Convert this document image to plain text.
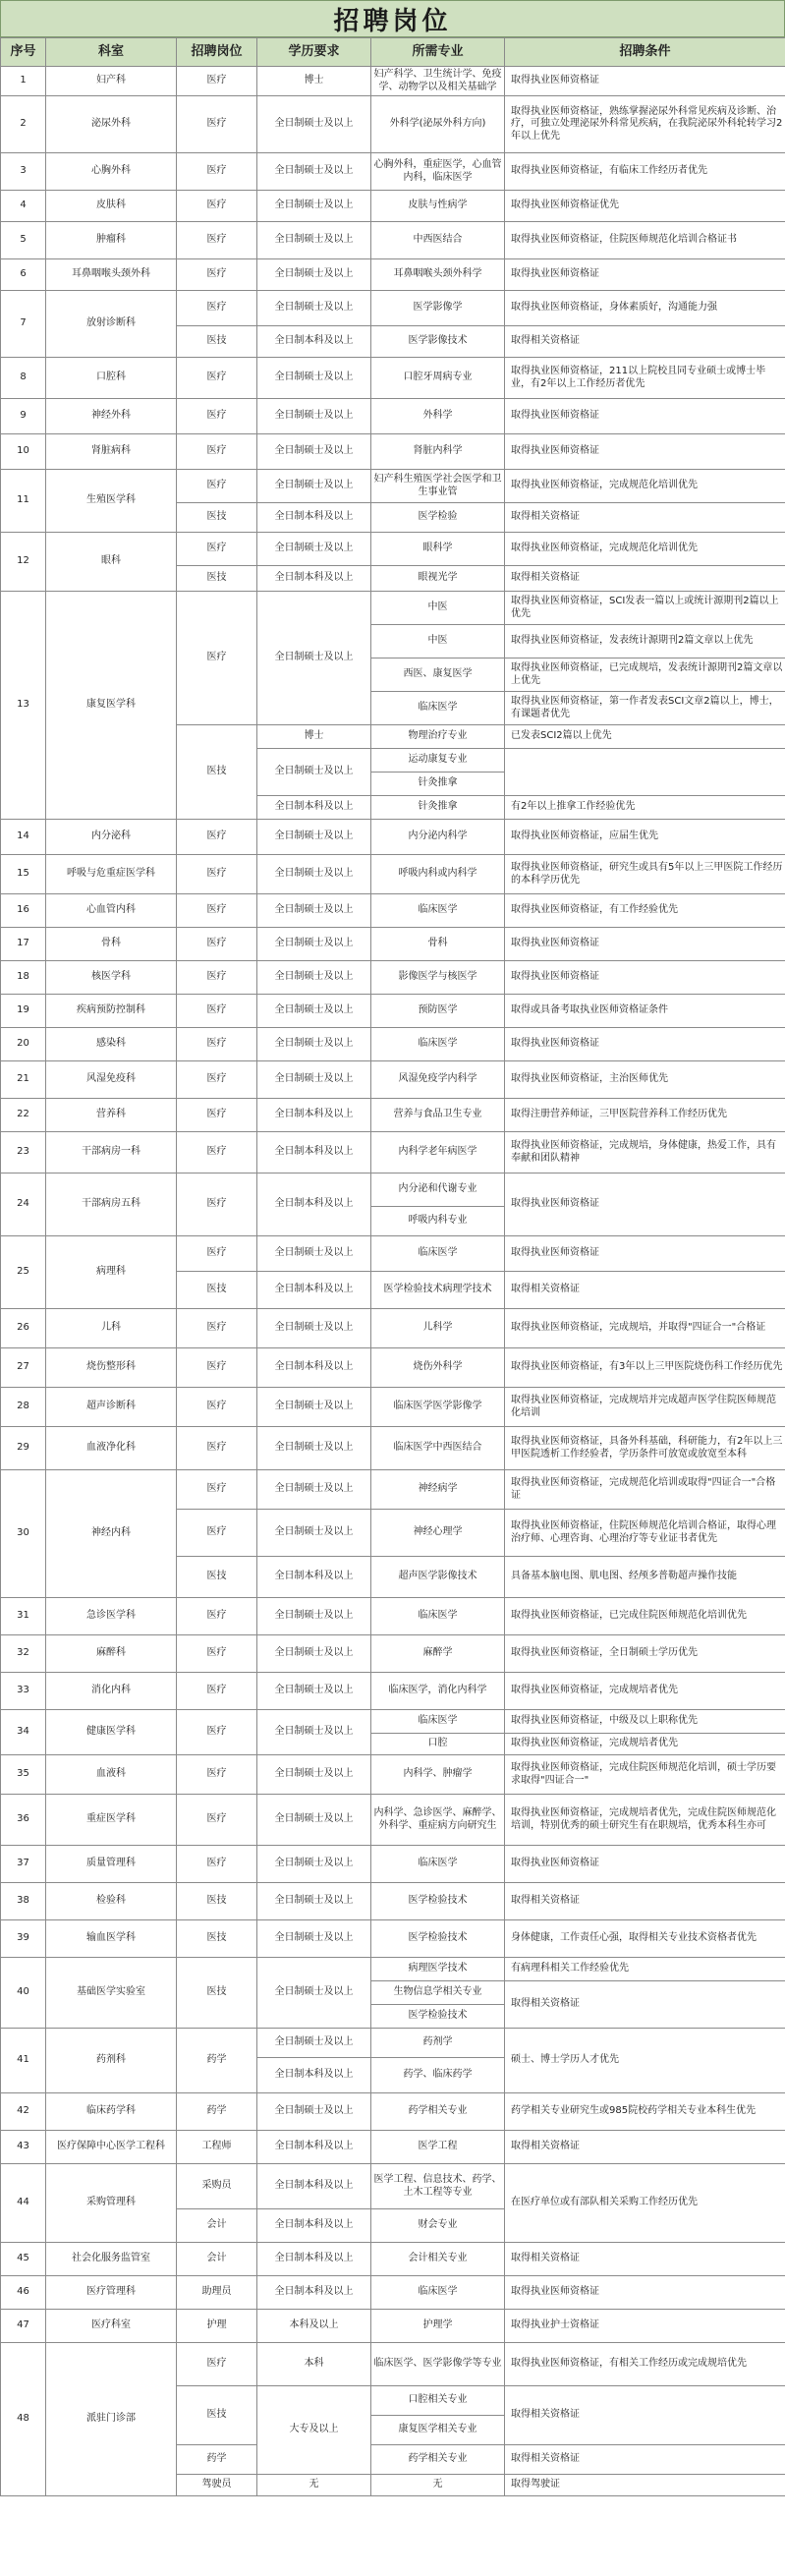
招聘岗位
序号	科室	招聘岗位	学历要求	所需专业	招聘条件	
1	妇产科	医疗	博士	妇产科学、卫生统计学、免疫学、动物学以及相关基础学	取得执业医师资格证	
2	泌尿外科	医疗	全日制硕士及以上	外科学(泌尿外科方向)	取得执业医师资格证，熟练掌握泌尿外科常见疾病及诊断、治疗，可独立处理泌尿外科常见疾病，在我院泌尿外科轮转学习2年以上优先	
3	心胸外科	医疗	全日制硕士及以上	心胸外科，重症医学，心血管内科，临床医学	取得执业医师资格证，有临床工作经历者优先	
4	皮肤科	医疗	全日制硕士及以上	皮肤与性病学	取得执业医师资格证优先	
5	肿瘤科	医疗	全日制硕士及以上	中西医结合	取得执业医师资格证，住院医师规范化培训合格证书	
6	耳鼻咽喉头颈外科	医疗	全日制硕士及以上	耳鼻咽喉头颈外科学	取得执业医师资格证	
7	放射诊断科	医疗	全日制硕士及以上	医学影像学	取得执业医师资格证，身体素质好，沟通能力强	
		医技	全日制本科及以上	医学影像技术	取得相关资格证	
8	口腔科	医疗	全日制硕士及以上	口腔牙周病专业	取得执业医师资格证，211以上院校且同专业硕士或博士毕业，有2年以上工作经历者优先	
9	神经外科	医疗	全日制硕士及以上	外科学	取得执业医师资格证	
10	肾脏病科	医疗	全日制硕士及以上	肾脏内科学	取得执业医师资格证	
11	生殖医学科	医疗	全日制硕士及以上	妇产科生殖医学社会医学和卫生事业管	取得执业医师资格证，完成规范化培训优先	
		医技	全日制本科及以上	医学检验	取得相关资格证	
12	眼科	医疗	全日制硕士及以上	眼科学	取得执业医师资格证，完成规范化培训优先	
		医技	全日制本科及以上	眼视光学	取得相关资格证	
13	康复医学科	医疗	全日制硕士及以上	中医	取得执业医师资格证，SCI发表一篇以上或统计源期刊2篇以上优先	
				中医	取得执业医师资格证，发表统计源期刊2篇文章以上优先	
				西医、康复医学	取得执业医师资格证，已完成规培，发表统计源期刊2篇文章以上优先	
				临床医学	取得执业医师资格证，第一作者发表SCI文章2篇以上，博士，有课题者优先	
		医技	博士	物理治疗专业	已发表SCI2篇以上优先	
			全日制硕士及以上	运动康复专业		
				针灸推拿		
			全日制本科及以上	针灸推拿	有2年以上推拿工作经验优先	
14	内分泌科	医疗	全日制硕士及以上	内分泌内科学	取得执业医师资格证，应届生优先	
15	呼吸与危重症医学科	医疗	全日制硕士及以上	呼吸内科或内科学	取得执业医师资格证，研究生或具有5年以上三甲医院工作经历的本科学历优先	
16	心血管内科	医疗	全日制硕士及以上	临床医学	取得执业医师资格证，有工作经验优先	
17	骨科	医疗	全日制硕士及以上	骨科	取得执业医师资格证	
18	核医学科	医疗	全日制硕士及以上	影像医学与核医学	取得执业医师资格证	
19	疾病预防控制科	医疗	全日制硕士及以上	预防医学	取得或具备考取执业医师资格证条件	
20	感染科	医疗	全日制硕士及以上	临床医学	取得执业医师资格证	
21	风湿免疫科	医疗	全日制硕士及以上	风湿免疫学内科学	取得执业医师资格证，主治医师优先	
22	营养科	医疗	全日制本科及以上	营养与食品卫生专业	取得注册营养师证，三甲医院营养科工作经历优先	
23	干部病房一科	医疗	全日制本科及以上	内科学老年病医学	取得执业医师资格证，完成规培，身体健康，热爱工作，具有奉献和团队精神	
24	干部病房五科	医疗	全日制本科及以上	内分泌和代谢专业	取得执业医师资格证	
				呼吸内科专业		
25	病理科	医疗	全日制硕士及以上	临床医学	取得执业医师资格证	
		医技	全日制本科及以上	医学检验技术病理学技术	取得相关资格证	
26	儿科	医疗	全日制硕士及以上	儿科学	取得执业医师资格证，完成规培，并取得"四证合一"合格证	
27	烧伤整形科	医疗	全日制本科及以上	烧伤外科学	取得执业医师资格证，有3年以上三甲医院烧伤科工作经历优先	
28	超声诊断科	医疗	全日制硕士及以上	临床医学医学影像学	取得执业医师资格证，完成规培并完成超声医学住院医师规范化培训	
29	血液净化科	医疗	全日制硕士及以上	临床医学中西医结合	取得执业医师资格证，具备外科基础，科研能力，有2年以上三甲医院透析工作经验者，学历条件可放宽或放宽至本科	
30	神经内科	医疗	全日制硕士及以上	神经病学	取得执业医师资格证，完成规范化培训或取得"四证合一"合格证	
		医疗	全日制硕士及以上	神经心理学	取得执业医师资格证，住院医师规范化培训合格证，取得心理治疗师、心理咨询、心理治疗等专业证书者优先	
		医技	全日制本科及以上	超声医学影像技术	具备基本脑电图、肌电图、经颅多普勒超声操作技能	
31	急诊医学科	医疗	全日制硕士及以上	临床医学	取得执业医师资格证，已完成住院医师规范化培训优先	
32	麻醉科	医疗	全日制硕士及以上	麻醉学	取得执业医师资格证，全日制硕士学历优先	
33	消化内科	医疗	全日制硕士及以上	临床医学，消化内科学	取得执业医师资格证，完成规培者优先	
34	健康医学科	医疗	全日制硕士及以上	临床医学	取得执业医师资格证，中级及以上职称优先	
				口腔	取得执业医师资格证，完成规培者优先	
35	血液科	医疗	全日制硕士及以上	内科学、肿瘤学	取得执业医师资格证，完成住院医师规范化培训，硕士学历要求取得"四证合一"	
36	重症医学科	医疗	全日制硕士及以上	内科学、急诊医学、麻醉学、外科学、重症病方向研究生	取得执业医师资格证，完成规培者优先，完成住院医师规范化培训，特别优秀的硕士研究生有在职规培，优秀本科生亦可	
37	质量管理科	医疗	全日制硕士及以上	临床医学	取得执业医师资格证	
38	检验科	医技	全日制硕士及以上	医学检验技术	取得相关资格证	
39	输血医学科	医技	全日制硕士及以上	医学检验技术	身体健康，工作责任心强，取得相关专业技术资格者优先	
40	基础医学实验室	医技	全日制硕士及以上	病理医学技术	有病理科相关工作经验优先	
				生物信息学相关专业	取得相关资格证	
				医学检验技术		
41	药剂科	药学	全日制硕士及以上	药剂学	硕士、博士学历人才优先	
			全日制本科及以上	药学、临床药学		
42	临床药学科	药学	全日制硕士及以上	药学相关专业	药学相关专业研究生或985院校药学相关专业本科生优先	
43	医疗保障中心医学工程科	工程师	全日制本科及以上	医学工程	取得相关资格证	
44	采购管理科	采购员	全日制本科及以上	医学工程、信息技术、药学、土木工程等专业	在医疗单位或有部队相关采购工作经历优先	
		会计	全日制本科及以上	财会专业		
45	社会化服务监管室	会计	全日制本科及以上	会计相关专业	取得相关资格证	
46	医疗管理科	助理员	全日制本科及以上	临床医学	取得执业医师资格证	
47	医疗科室	护理	本科及以上	护理学	取得执业护士资格证	
48	派驻门诊部	医疗	本科	临床医学、医学影像学等专业	取得执业医师资格证，有相关工作经历或完成规培优先	
		医技	大专及以上	口腔相关专业	取得相关资格证	
				康复医学相关专业		
		药学		药学相关专业	取得相关资格证	
		驾驶员	无	无	取得驾驶证	
